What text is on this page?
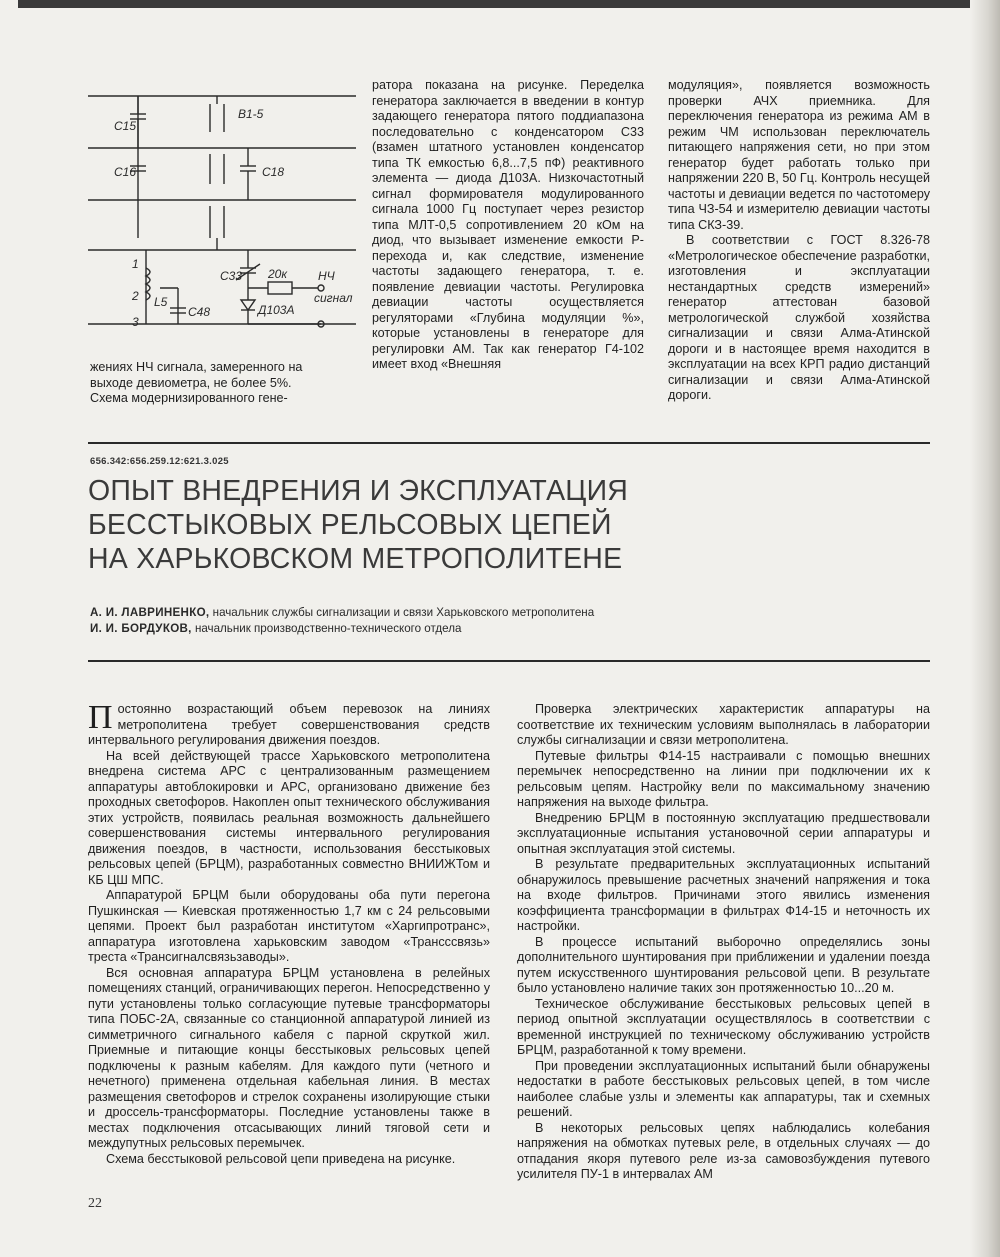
C15
C16
B1-5
C18
C33 20к	НЧ
сигнал
C48
L5
Д103А
1
2
3
жениях НЧ сигнала, замеренного на
выходе девиометра, не более 5%.
Схема модернизированного гене-

ратора показана на рисунке. Переделка генератора заключается в введении в контур задающего генератора пятого поддиапазона последовательно с конденсатором С33 (взамен штатного установлен конденсатор типа ТК емкостью 6,8...7,5 пФ) реактивного элемента — диода Д103А. Низкочастотный сигнал формирователя модулированного сигнала 1000 Гц поступает через резистор типа МЛТ-0,5 сопротивлением 20 кОм на диод, что вызывает изменение емкости Р-перехода и, как следствие, изменение частоты задающего генератора, т. е. появление девиации частоты. Регулировка девиации частоты осуществляется регуляторами «Глубина модуляции %», которые установлены в генераторе для регулировки АМ. Так как генератор Г4-102 имеет вход «Внешняя

модуляция», появляется возможность проверки АЧХ приемника. Для переключения генератора из режима АМ в режим ЧМ использован переключатель питающего напряжения сети, но при этом генератор будет работать только при напряжении 220 В, 50 Гц. Контроль несущей частоты и девиации ведется по частотомеру типа ЧЗ-54 и измерителю девиации частоты типа СКЗ-39.

В соответствии с ГОСТ 8.326-78 «Метрологическое обеспечение разработки, изготовления и эксплуатации нестандартных средств измерений» генератор аттестован базовой метрологической службой хозяйства сигнализации и связи Алма-Атинской дороги и в настоящее время находится в эксплуатации на всех КРП радио дистанций сигнализации и связи Алма-Атинской дороги.

656.342:656.259.12:621.3.025
ОПЫТ ВНЕДРЕНИЯ И ЭКСПЛУАТАЦИЯ
БЕССТЫКОВЫХ РЕЛЬСОВЫХ ЦЕПЕЙ
НА ХАРЬКОВСКОМ МЕТРОПОЛИТЕНЕ
А. И. ЛАВРИНЕНКО, начальник службы сигнализации и связи Харьковского метрополитена
И. И. БОРДУКОВ, начальник производственно-технического отдела

Постоянно возрастающий объем перевозок на линиях метрополитена требует совершенствования средств интервального регулирования движения поездов.

На всей действующей трассе Харьковского метрополитена внедрена система АРС с централизованным размещением аппаратуры автоблокировки и АРС, организовано движение без проходных светофоров. Накоплен опыт технического обслуживания этих устройств, появилась реальная возможность дальнейшего совершенствования системы интервального регулирования движения поездов, в частности, использования бесстыковых рельсовых цепей (БРЦМ), разработанных совместно ВНИИЖТом и КБ ЦШ МПС.

Аппаратурой БРЦМ были оборудованы оба пути перегона Пушкинская — Киевская протяженностью 1,7 км с 24 рельсовыми цепями. Проект был разработан институтом «Харгипротранс», аппаратура изготовлена харьковским заводом «Трансссвязь» треста «Трансигналсвязьзаводы».

Вся основная аппаратура БРЦМ установлена в релейных помещениях станций, ограничивающих перегон. Непосредственно у пути установлены только согласующие путевые трансформаторы типа ПОБС-2А, связанные со станционной аппаратурой линией из симметричного сигнального кабеля с парной скруткой жил. Приемные и питающие концы бесстыковых рельсовых цепей подключены к разным кабелям. Для каждого пути (четного и нечетного) применена отдельная кабельная линия. В местах размещения светофоров и стрелок сохранены изолирующие стыки и дроссель-трансформаторы. Последние установлены также в местах подключения отсасывающих линий тяговой сети и междупутных рельсовых перемычек.

Схема бесстыковой рельсовой цепи приведена на рисунке.

Проверка электрических характеристик аппаратуры на соответствие их техническим условиям выполнялась в лаборатории службы сигнализации и связи метрополитена.

Путевые фильтры Ф14-15 настраивали с помощью внешних перемычек непосредственно на линии при подключении их к рельсовым цепям. Настройку вели по максимальному значению напряжения на выходе фильтра.

Внедрению БРЦМ в постоянную эксплуатацию предшествовали эксплуатационные испытания установочной серии аппаратуры и опытная эксплуатация этой системы.

В результате предварительных эксплуатационных испытаний обнаружилось превышение расчетных значений напряжения и тока на входе фильтров. Причинами этого явились изменения коэффициента трансформации в фильтрах Ф14-15 и неточность их настройки.

В процессе испытаний выборочно определялись зоны дополнительного шунтирования при приближении и удалении поезда путем искусственного шунтирования рельсовой цепи. В результате было установлено наличие таких зон протяженностью 10...20 м.

Техническое обслуживание бесстыковых рельсовых цепей в период опытной эксплуатации осуществлялось в соответствии с временной инструкцией по техническому обслуживанию устройств БРЦМ, разработанной к тому времени.

При проведении эксплуатационных испытаний были обнаружены недостатки в работе бесстыковых рельсовых цепей, в том числе наиболее слабые узлы и элементы как аппаратуры, так и схемных решений.

В некоторых рельсовых цепях наблюдались колебания напряжения на обмотках путевых реле, в отдельных случаях — до отпадания якоря путевого реле из-за самовозбуждения путевого усилителя ПУ-1 в интервалах АМ

22
